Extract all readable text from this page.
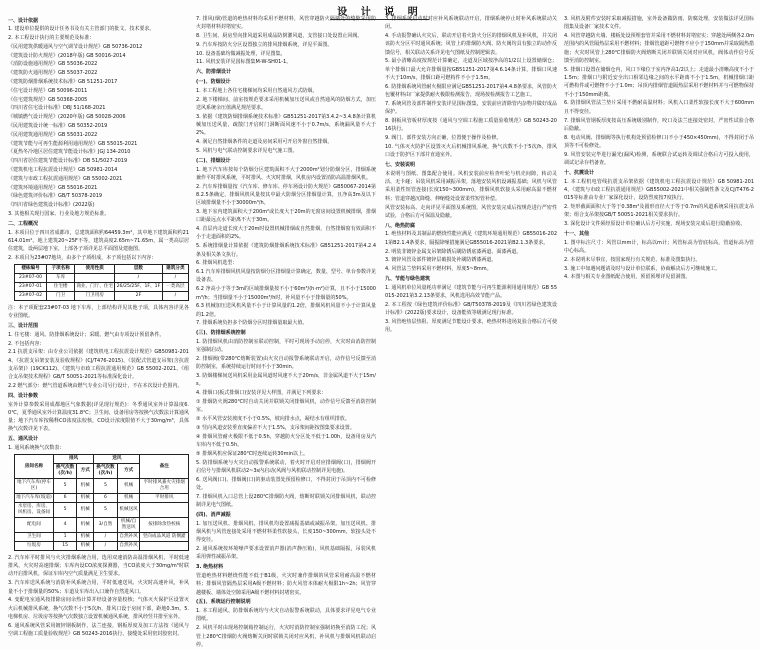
设 计 说 明
一、设计依据
1. 建设单位提供的设计任务书及有关主管部门的批文、技术要求。
2. 本工程设计执行的主要规范及标准：
《民用建筑供暖通风与空气调节设计规范》GB 50736-2012
《建筑设计防火规范》(2018年版) GB 50016-2014
《消防设施通用规范》GB 55036-2022
《建筑防火通用规范》GB 55037-2022
《建筑防烟排烟系统技术标准》GB 51251-2017
《住宅设计规范》GB 50096-2011
《住宅建筑规范》GB 50368-2005
《四川省住宅设计标准》DBJ 51/168-2021
《城镇燃气设计规范》(2020年版) GB 50028-2006
《民用建筑设计统一标准》GB 50352-2019
《民用建筑通用规范》GB 55031-2022
《建筑节能与可再生能源利用通用规范》GB 55015-2021
《夏热冬冷地区居住建筑节能设计标准》JGJ 134-2010
《四川省居住建筑节能设计标准》DB 51/5027-2019
《建筑机电工程抗震设计规范》GB 50981-2014
《建筑与市政工程抗震通用规范》GB 55002-2021
《建筑环境通用规范》GB 55016-2021
《绿色建筑评价标准》GB/T 50378-2019
《四川省绿色建筑设计标准》(2022版)
3. 其他相关现行国家、行业及地方规范标准。
二、工程概况
1. 本项目位于四川省成都市，总建筑面积约64459.3m²，其中地下建筑面积约21614.01m²。地上建筑20~25F不等，建筑高度2.65m~71.65m，属一类高层居住建筑，设两层地下室，上部各子项详见总平面图及建施图。
2. 本项目为23#07地块，由多个子项组成，本子项包括以下内容：
楼栋编号	子项名称	使用性质	层数	建筑分类
23#07-00	车库		/	/
23#07-01	住宅楼	商业、门厅、住宅	26/25/25F、1F、1F	一类高层
23#07-02	门卫	门卫用房	2F	/
注：本子项配套23#07-03 地下车库，上部结构详见其他子项，具体内容详见各专业图纸。
三、设计范围
1. 住宅楼：通风、防排烟系统设计；采暖、燃气由专项设计预留条件。
2. 不包括内容：
2.1 抗震支吊架：由专业公司依据《建筑机电工程抗震设计规范》GB50981-2014、《抗震支吊架安装及验收规程》(CJ/T476-2015)、《装配式管道支吊架(含抗震支吊架)》(19CK112)、《建筑与市政工程抗震通用规范》GB 55002-2021、《组合支吊架技术规程》GB/T 50051-2021等标准深化设计。
2.2 燃气部分：燃气管道系统由燃气专业公司另行设计，不在本次设计范围内。
四、设计参数
室外计算参数采用成都地区气象数据(详见现行规范)：冬季通风室外计算温度6.0℃，夏季通风室外计算温度31.8℃；卫生间、设备用房等按换气次数法计算通风量；地下汽车库按稀释CO浓度法校核，CO设计浓度限值不大于30mg/m³，具体换气次数详见下表。
五、通风设计
1. 通风系统换气次数表：
房间名称	排风		送风		备注
	换气次数(次/h)	方式	换气次数(次/h)	方式	
地下汽车库(停车区)	5	机械	5	机械	平时排风兼火灾排烟合用
地下汽车库(坡道)	6	机械	6	机械	平时排风
水泵房、库房、风机房、设备间	5	机械	5	机械送风	
配电间	4	机械	3/自然	机械/自然送风	按排除余热校核
卫生间	1	机械	/	自然补风	竖向成品风道 防倒灌
垃圾房	15	机械	/	自然补风	
2. 汽车库平时排风与火灾排烟系统合用，选用双速消防高温排烟风机，平时低速排风、火灾时高速排烟；车库内设CO浓度探测器，当CO浓度大于30mg/m³时联动开启排风机，保证车库内空气质量满足卫生要求。
3. 汽车库送风系统与消防补风系统合用，平时低速送风、火灾时高速补风，补风量不小于排烟量的50%；车道及车库出入口兼作自然进风口。
4. 变配电室通风按排除房间余热计算并经设备容量校核；气体灭火保护区设置灭火后机械排风系统，换气次数不小于5次/h，排风口设于房间下部，距地0.3m。5. 电梯机房、垃圾房等按换气次数独立设置机械通风系统，排风经竖井排至室外。
6. 通风系统风管采用镀锌钢板制作，法兰连接，钢板厚度及加工方法按《通风与空调工程施工质量验收规范》GB 50243-2016执行，接缝处采用密封胶密封。
7. 排风(烟)管道的绝热材料均采用不燃材料，风管穿越防火隔墙处的缝隙采用防火封堵材料封堵密实。
8. 卫生间、厨房竖向排风道采用成品防倒灌风道，支管接口处设置止回阀。
9. 汽车库按防火分区设置独立的排风排烟系统，详见平面图。
10. 设备基础均做减振处理，详见图集。
11. 风机安装详见国标图集M-W-SH01-1。
六、防排烟设计
(一)、防烟设计
1. 本工程地上各住宅楼梯间均采用自然通风方式防烟。
2. 地下楼梯间、前室按规范要求采用机械加压送风或自然通风的防烟方式，加压送风系统余压值满足规范要求。
3. 依据《建筑防烟排烟系统技术标准》GB51251-2017第3.4.2~3.4.8条计算机械加压送风量，疏散门开启时门洞断面风速不小于0.7m/s，系统漏风量不大于2%。
4. 满足自然排烟条件的走道及房间采用可开启外窗自然排烟。
5. 风机与电气联动控制要求详见电气施工图。
(二)、排烟设计
1. 地下汽车库按每个防烟分区建筑面积不大于2000m²划分防烟分区，排烟系统兼作平时排风系统，平时排风、火灾时排烟，风机房内设置消防高温排烟风机。
2. 汽车库排烟量按《汽车库、修车库、停车场设计防火规范》GB50067-2014第8.2.5条确定，排烟风机风量按其中最大防烟分区排烟量计算，且净高3m及以下区域排烟量不小于30000m³/h。
3. 地下室内建筑面积大于200m²或长度大于20m的无窗房间设置机械排烟，排烟口距最远点水平距离不大于30m。
4. 首层内走道长度大于20m时设置机械排烟或自然排烟，自然排烟窗有效面积不小于走道面积的2%。
5. 系统排烟量计算依据《建筑防烟排烟系统技术标准》GB51251-2017第4.2.4条及相关条文执行。
6. 排烟风机选型：
6.1 汽车库排烟风机风量按防烟分区排烟量计算确定，数量、型号、单台参数详见设备表。
6.2 净高小于等于3m的区域排烟量按不小于60m³/(h·m²)计算，且不小于15000m³/h；当排烟量不小于15000m³/h时，补风量不小于排烟量的50%。
6.3 机械加压送风机风量不小于计算风量的1.2倍，排烟风机风量不小于计算风量的1.2倍。
7. 排烟系统负担多个防烟分区时排烟量取最大值。
(三)、防排烟系统控制
1. 防排烟风机由消防控制室联动控制，平时可现场手动启停，火灾时由消防控制室强制启动。
2. 排烟阀(带280℃熔断装置)由火灾自动报警系统联动开启，动作信号反馈至消防控制室，系统持续运行时间不小于30min。
3. 防烟楼梯间送风机采用金属风道时风速不大于20m/s，非金属风道不大于15m/s。
4. 排烟口(板式排烟口)安装详见大样图，并满足下列要求：
① 排烟防火阀280℃时自动关闭并联锁关闭排烟风机，动作信号反馈至消防控制室。
② 水平风管安装坡度不小于0.5%，坡向排水点，凝结水有组织排放。
③ 竖向风道安装垂直度偏差不大于1.5%，支吊架间距按图集要求设置。
④ 排烟风管耐火极限不低于0.5h，穿越防火分区处不低于1.00h，设备用房及汽车库内不低于0.5h。
⑤ 排烟风机应保证280℃时连续运转30min以上。
5. 防排烟系统与火灾自动报警系统联动，着火时开启对应排烟阀(口)，排烟阀开启信号与排烟风机联动2~3s内启动(风阀与风机联动控制详见电施)。
6. 送风阀(口)、排烟阀(口)的驱动装置处预留检修口，不得封闭于吊顶内不可检修处。
7. 排烟风机入口总管上设280℃排烟防火阀，熔断时联锁关闭排烟风机，联动控制详见电气图纸。
(四)、消声减振
1. 加压送风机、排烟风机、排风机均设置减振基础或减振吊架。加压送风机、排烟风机与风管连接处采用不燃材料柔性软接头，长度150~300mm，软接头处不得变径。
2. 通风系统按环境噪声要求设置消声器(消声静压箱)，风机基础隔振，吊装风机采用弹性减振吊架。
3. 绝热材料
管道绝热材料燃烧性能不低于B1级，火灾时兼作排烟的风管采用耐高温不燃材料；排烟风管隔热层采用A级不燃材料；防火风管本体耐火极限1h~2h；风管穿越楼板、墙体处空隙采用A级不燃材料封堵密实。
(五)、系统运行控制说明
1. 本工程通风、防排烟系统均与火灾自动报警系统联动，具体要求详见电气专业图纸。
2. 风机平时由现场控制箱控制运行，火灾时消防控制室强制切换至消防工况；风管上280℃排烟防火阀熔断关闭时联锁关闭对应风机，补风机与排烟风机联动启停。
3. 排烟系统启动时对应补风系统联动开启，排烟系统停止时补风系统联动关闭。
4. 手动报警确认火灾后，联动开启着火防火分区的排烟风机及补风机，并关闭该防火分区平时通风系统；风管上的排烟防火阀、防火阀均具有独立的动作反馈信号，相关联动关系详见电气图纸及控制逻辑表。
5. 最小清晰高度按规范计算确定，走道及区域按净高的1/2以上设置储烟仓；单个排烟口最大允许排烟量按GB51251-2017第4.6.14条计算，排烟口风速不大于10m/s，排烟口距可燃构件不小于1.5m。
6. 防排烟系统风管耐火极限应满足GB51251-2017第4.4.8条要求，风管防火包覆材料由厂家提供耐火极限检测报告，现场按检测报告工艺施工。
7. 系统风管及部件制作安装详见国标图集，安装前应清除管内杂物并做好成品保护。
8. 钢板风管板材厚度按《通风与空调工程施工质量验收规范》GB 50243-2016执行。
9. 阀门、部件安装方向正确，位置便于操作及检修。
10. 气体灭火防护区设置灭火后机械排风系统，换气次数不小于5次/h，排风口设于防护区下部并直通室外。
七、安装说明
本说明与图纸、图集配合使用。风机安装前应检查叶轮与机壳间隙，转动灵活、无卡碰；吊装风机采用减振吊架，落地安装风机设减振基础；风机与风管采用柔性短管连接(长度150~300mm)，排烟风机软接头采用耐高温不燃材料；管道穿越沉降缝、伸缩缝处设置柔性短管补偿。
风管安装标高、走向详见平面图及系统图，风管安装完成后按规范进行严密性试验，合格后方可保温及隐蔽。
八、绝热防腐
1. 绝热材料及其制品的燃烧性能应满足《建筑环境通用规范》GB55016-2021第B2.1.4条要求，隔振降噪措施满足GB55016-2021第B2.1.3条要求。
2. 明装非镀锌金属支吊架除锈后刷防锈底漆两道、面漆两道。
3. 镀锌风管及部件镀锌层破损处补刷防锈漆两道。
4. 风管法兰垫料采用不燃材料，厚度5~8mm。
九、节能与绿色建筑
1. 通风机单位风量耗功率满足《建筑节能与可再生能源利用通用规范》GB 55015-2021第3.2.13条要求，风机选用高效节能产品。
2. 本工程按《绿色建筑评价标准》GB/T50378-2019及《四川省绿色建筑设计标准》(2022版)要求设计，设备能效等级满足现行标准。
3. 风管绝热层热阻、厚度满足节能设计要求，绝热材料进场复验合格后方可使用。
3. 风机及附件安装时采取减振措施，室外设备做防雨、防腐处理，安装做法详见国标图集及设备厂家技术文件。
4. 风管穿越防火墙、楼板处设预埋套管并采用不燃材料封堵密实；穿越处两侧各2.0m范围内的风管隔热层采用不燃材料；排烟管道距可燃物不应小于150mm并采取隔热措施；火灾时风管上280℃排烟防火阀熔断关闭并联锁关闭对应风机，阀体动作信号反馈至消防控制室。
5. 排烟口设置在储烟仓内，风口下缘位于室内净高1/2以上；走道最小清晰高度不小于1.5m；排烟口与附近安全出口相邻边缘之间的水平距离不小于1.5m，机械排烟口距可燃构件或可燃物不小于1.0m；吊顶内排烟管道隔热层采用不燃材料并与可燃物保持不小于150mm距离。
6. 防排烟风管法兰垫片采用不燃耐高温材料；风机入口柔性软接长度不大于600mm且不得变径。
7. 排烟风管钢板厚度按高压系统级别制作，咬口及法兰连接处密封，严密性试验合格后隐蔽。
8. 电动风阀、排烟阀等执行机构处预留检修口(不小于450×450mm)，不得封闭于吊顶等不可检修处。
9. 风管安装完毕进行漏光(漏风)检测，系统联合试运转及调试合格后方可投入使用，调试记录存档备查。
十、抗震设计
1. 本工程机电管线抗震支吊架依据《建筑机电工程抗震设计规范》GB 50981-2014、《建筑与市政工程抗震通用规范》GB55002-2021中相关强制性条文及CJ/T476-2015等标准由专业厂家深化设计，设防烈度按7度执行。
2. 矩形截面面积大于等于0.38m²及圆形直径大于等于0.7m的风道系统采用抗震支吊架；组合支吊架按GB/T 50051-2021相关要求执行。
3. 深化设计文件须经原设计单位确认后方可实施，现场安装完成后进行隐蔽验收。
十一、其他
1. 图中标注尺寸：风管以mm计，标高以m计；风管标高为管底标高，管道标高为管中心标高。
2. 本说明未尽事宜，按国家现行有关规范、标准及图集执行。
3. 施工中如遇问题请及时与设计单位联系，协商解决后方可继续施工。
4. 本图与相关专业图纸配合使用，预留预埋详见留洞图。
